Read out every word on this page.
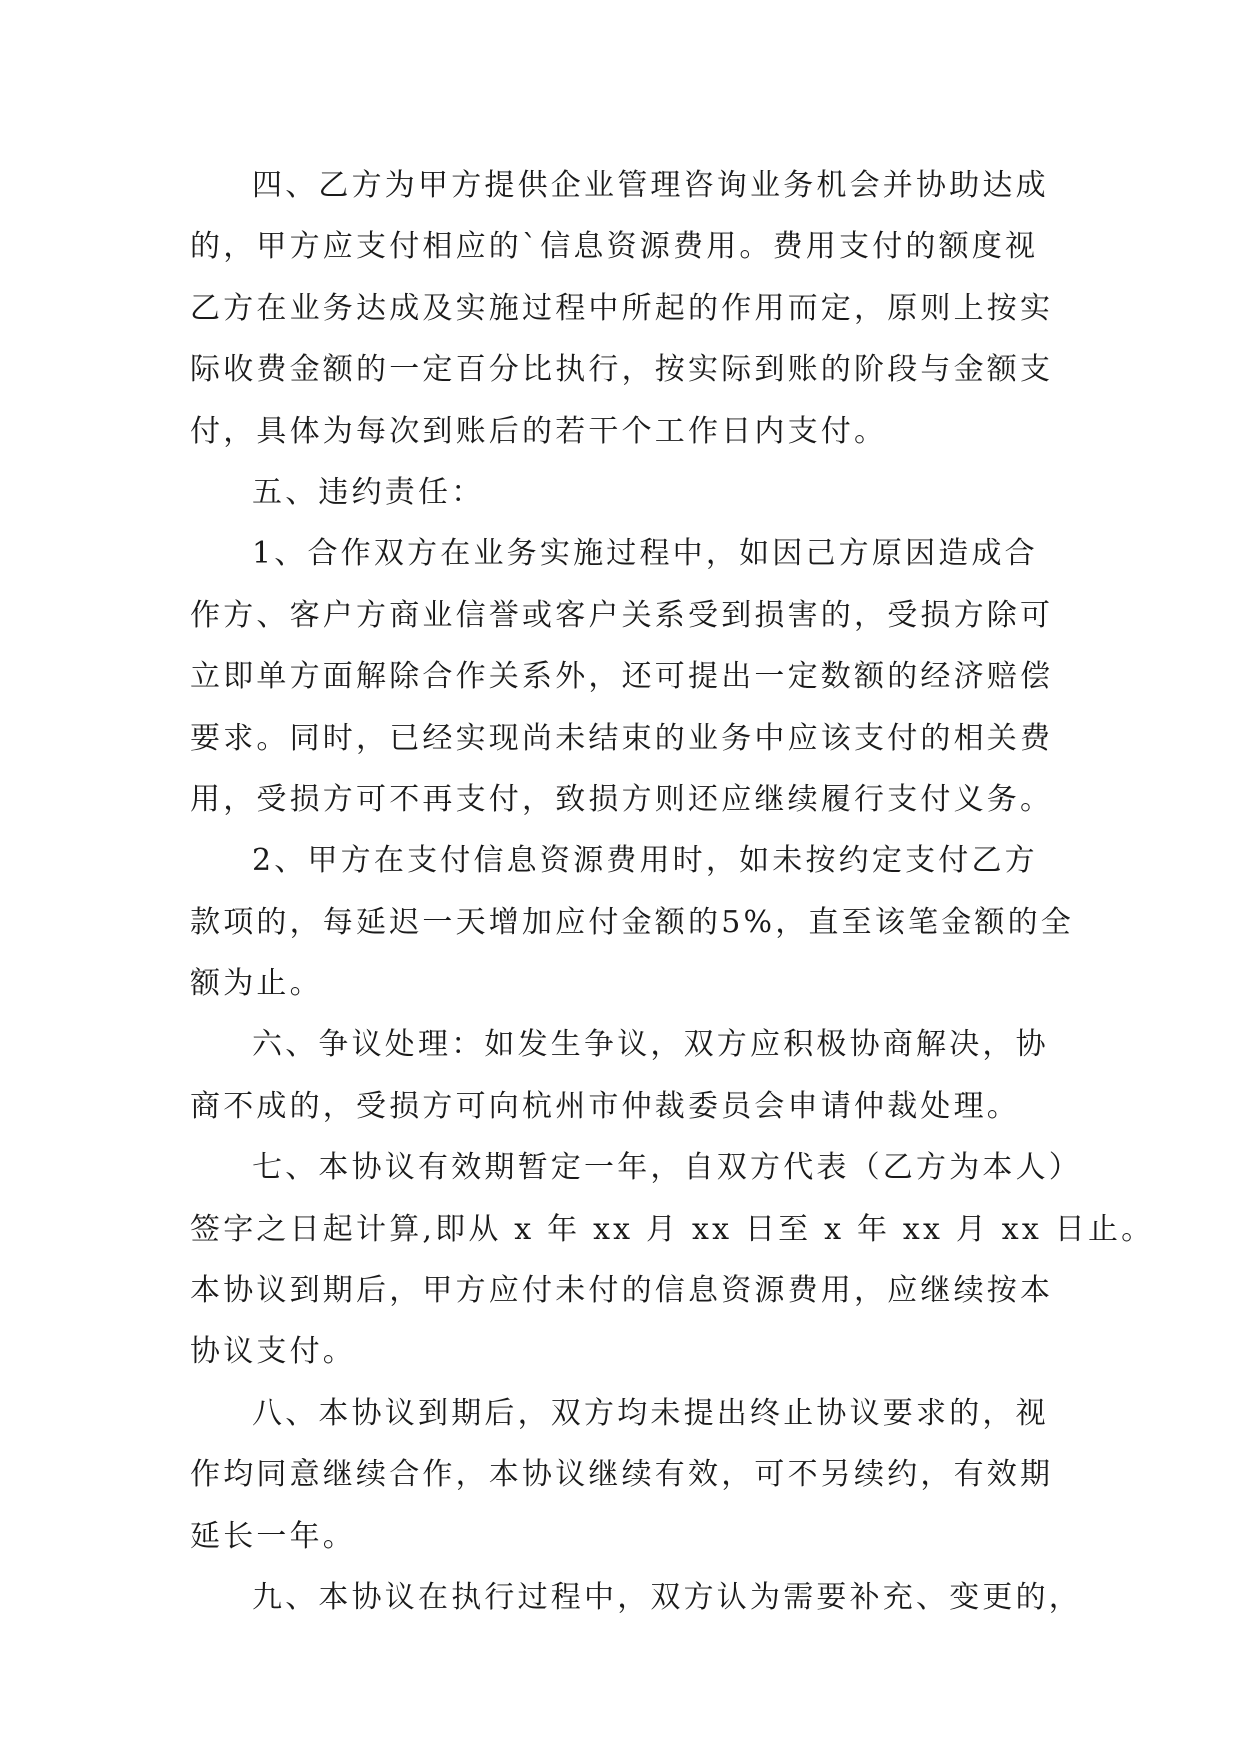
四、乙方为甲方提供企业管理咨询业务机会并协助达成
的，甲方应支付相应的`信息资源费用。费用支付的额度视
乙方在业务达成及实施过程中所起的作用而定，原则上按实
际收费金额的一定百分比执行，按实际到账的阶段与金额支
付，具体为每次到账后的若干个工作日内支付。
五、违约责任：
1、合作双方在业务实施过程中，如因己方原因造成合
作方、客户方商业信誉或客户关系受到损害的，受损方除可
立即单方面解除合作关系外，还可提出一定数额的经济赔偿
要求。同时，已经实现尚未结束的业务中应该支付的相关费
用，受损方可不再支付，致损方则还应继续履行支付义务。
2、甲方在支付信息资源费用时，如未按约定支付乙方
款项的，每延迟一天增加应付金额的5%，直至该笔金额的全
额为止。
六、争议处理：如发生争议，双方应积极协商解决，协
商不成的，受损方可向杭州市仲裁委员会申请仲裁处理。
七、本协议有效期暂定一年，自双方代表（乙方为本人）
签字之日起计算,即从 x 年 xx 月 xx 日至 x 年 xx 月 xx 日止。
本协议到期后，甲方应付未付的信息资源费用，应继续按本
协议支付。
八、本协议到期后，双方均未提出终止协议要求的，视
作均同意继续合作，本协议继续有效，可不另续约，有效期
延长一年。
九、本协议在执行过程中，双方认为需要补充、变更的，
